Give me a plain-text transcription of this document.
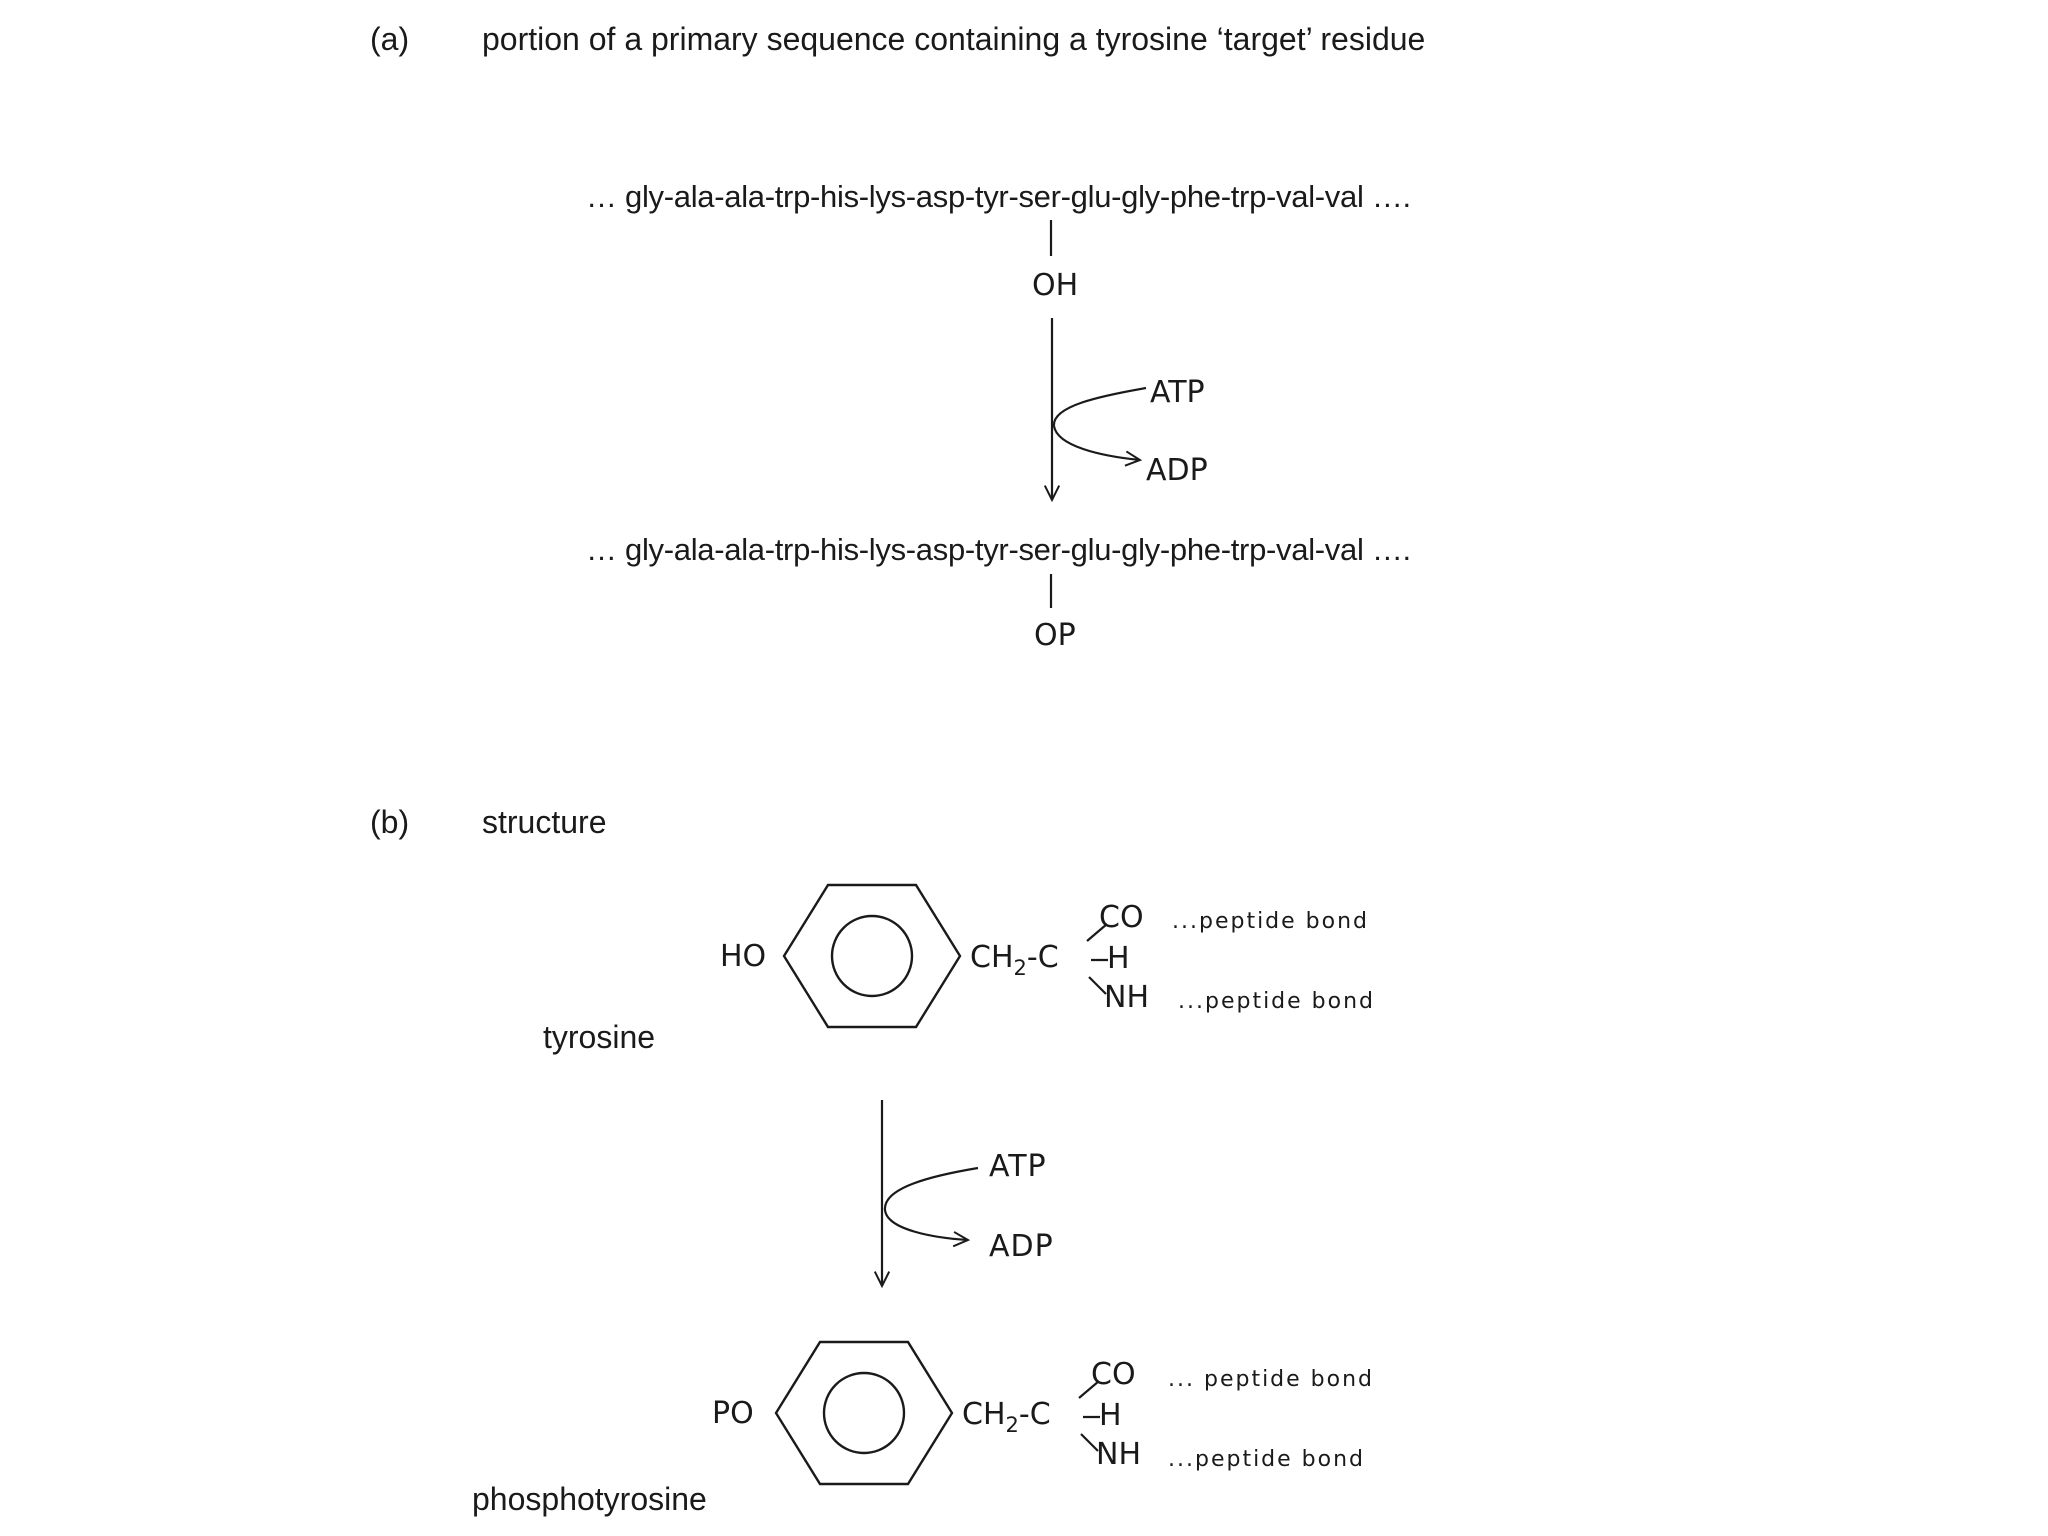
(a) portion of a primary sequence containing a tyrosine ‘target’ residue
… gly-ala-ala-trp-his-lys-asp-tyr-ser-glu-gly-phe-trp-val-val ….
OH
ATP
ADP
… gly-ala-ala-trp-his-lys-asp-tyr-ser-glu-gly-phe-trp-val-val ….
OP
(b) structure
HO	$CH_2-C$ H
CO
NH
...peptide bond
...peptide bond
tyrosine
ATP
ADP
PO	$CH_2-C$ H
CO
NH
... peptide bond
...peptide bond
phosphotyrosine
